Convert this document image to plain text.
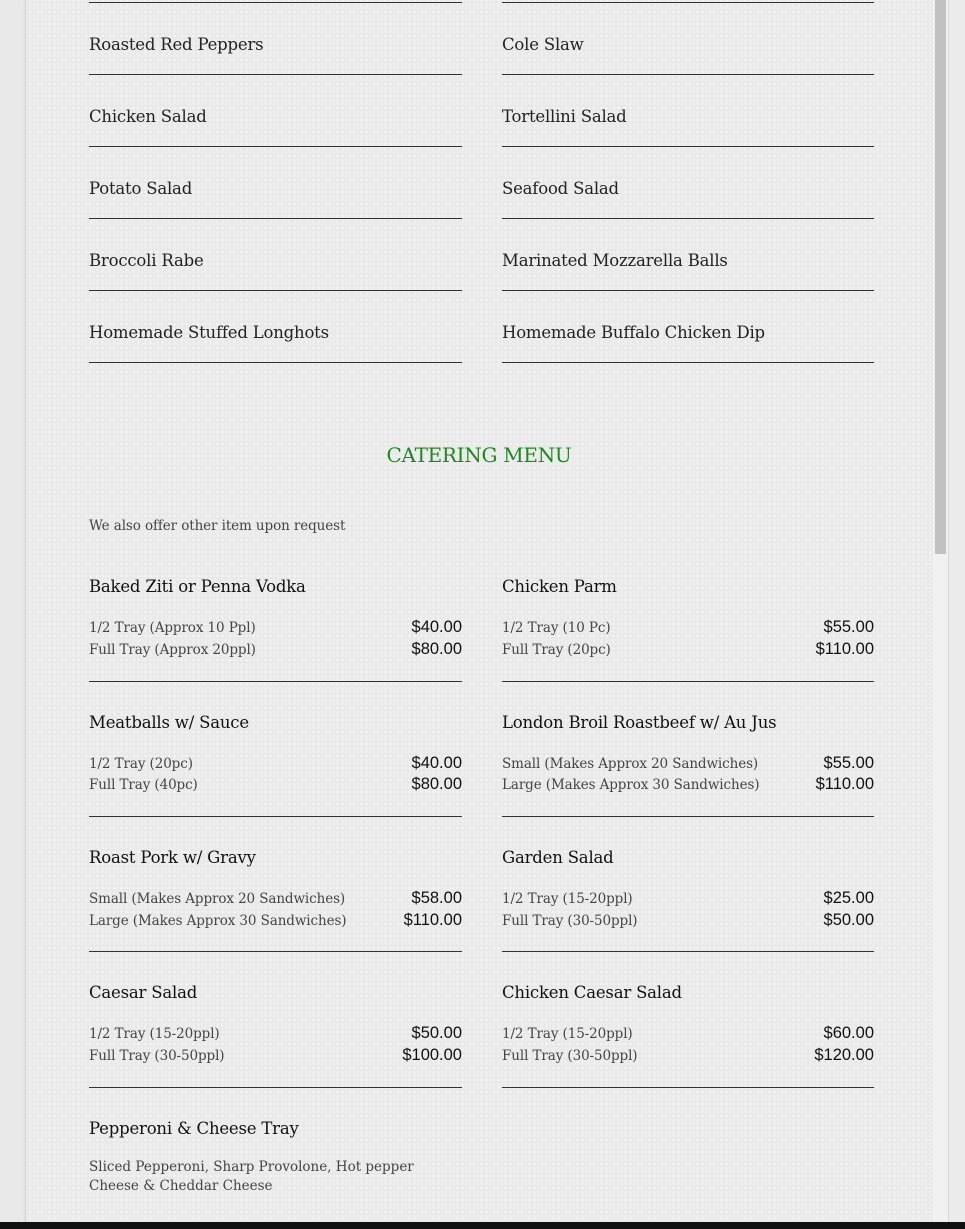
Roasted Red Peppers
Chicken Salad
Potato Salad
Broccoli Rabe
Homemade Stuffed Longhots
Cole Slaw
Tortellini Salad
Seafood Salad
Marinated Mozzarella Balls
Homemade Buffalo Chicken Dip
CATERING MENU
We also offer other item upon request
Baked Ziti or Penna Vodka
1/2 Tray (Approx 10 Ppl)	$40.00
Full Tray (Approx 20ppl)	$80.00
Chicken Parm
1/2 Tray (10 Pc)	$55.00
Full Tray (20pc)	$110.00
Meatballs w/ Sauce
1/2 Tray (20pc)	$40.00
Full Tray (40pc)	$80.00
London Broil Roastbeef w/ Au Jus
Small (Makes Approx 20 Sandwiches)	$55.00
Large (Makes Approx 30 Sandwiches)	$110.00
Roast Pork w/ Gravy
Small (Makes Approx 20 Sandwiches)	$58.00
Large (Makes Approx 30 Sandwiches)	$110.00
Garden Salad
1/2 Tray (15-20ppl)	$25.00
Full Tray (30-50ppl)	$50.00
Caesar Salad
1/2 Tray (15-20ppl)	$50.00
Full Tray (30-50ppl)	$100.00
Chicken Caesar Salad
1/2 Tray (15-20ppl)	$60.00
Full Tray (30-50ppl)	$120.00
Pepperoni & Cheese Tray
Sliced Pepperoni, Sharp Provolone, Hot pepper Cheese & Cheddar Cheese
